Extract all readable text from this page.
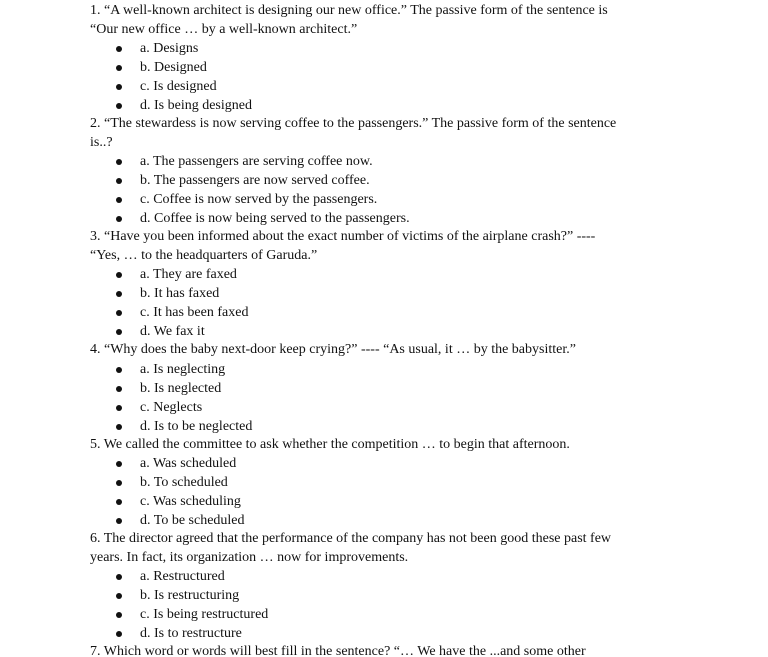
1. “A well-known architect is designing our new office.” The passive form of the sentence is
“Our new office … by a well-known architect.”
a. Designs
b. Designed
c. Is designed
d. Is being designed
2. “The stewardess is now serving coffee to the passengers.” The passive form of the sentence
is..?
a. The passengers are serving coffee now.
b. The passengers are now served coffee.
c. Coffee is now served by the passengers.
d. Coffee is now being served to the passengers.
3. “Have you been informed about the exact number of victims of the airplane crash?” ----
“Yes, … to the headquarters of Garuda.”
a. They are faxed
b. It has faxed
c. It has been faxed
d. We fax it
4. “Why does the baby next-door keep crying?” ---- “As usual, it … by the babysitter.”
a. Is neglecting
b. Is neglected
c. Neglects
d. Is to be neglected
5. We called the committee to ask whether the competition … to begin that afternoon.
a. Was scheduled
b. To scheduled
c. Was scheduling
d. To be scheduled
6. The director agreed that the performance of the company has not been good these past few
years. In fact, its organization … now for improvements.
a. Restructured
b. Is restructuring
c. Is being restructured
d. Is to restructure
7. Which word or words will best fill in the sentence? “… We have the ...and some other
